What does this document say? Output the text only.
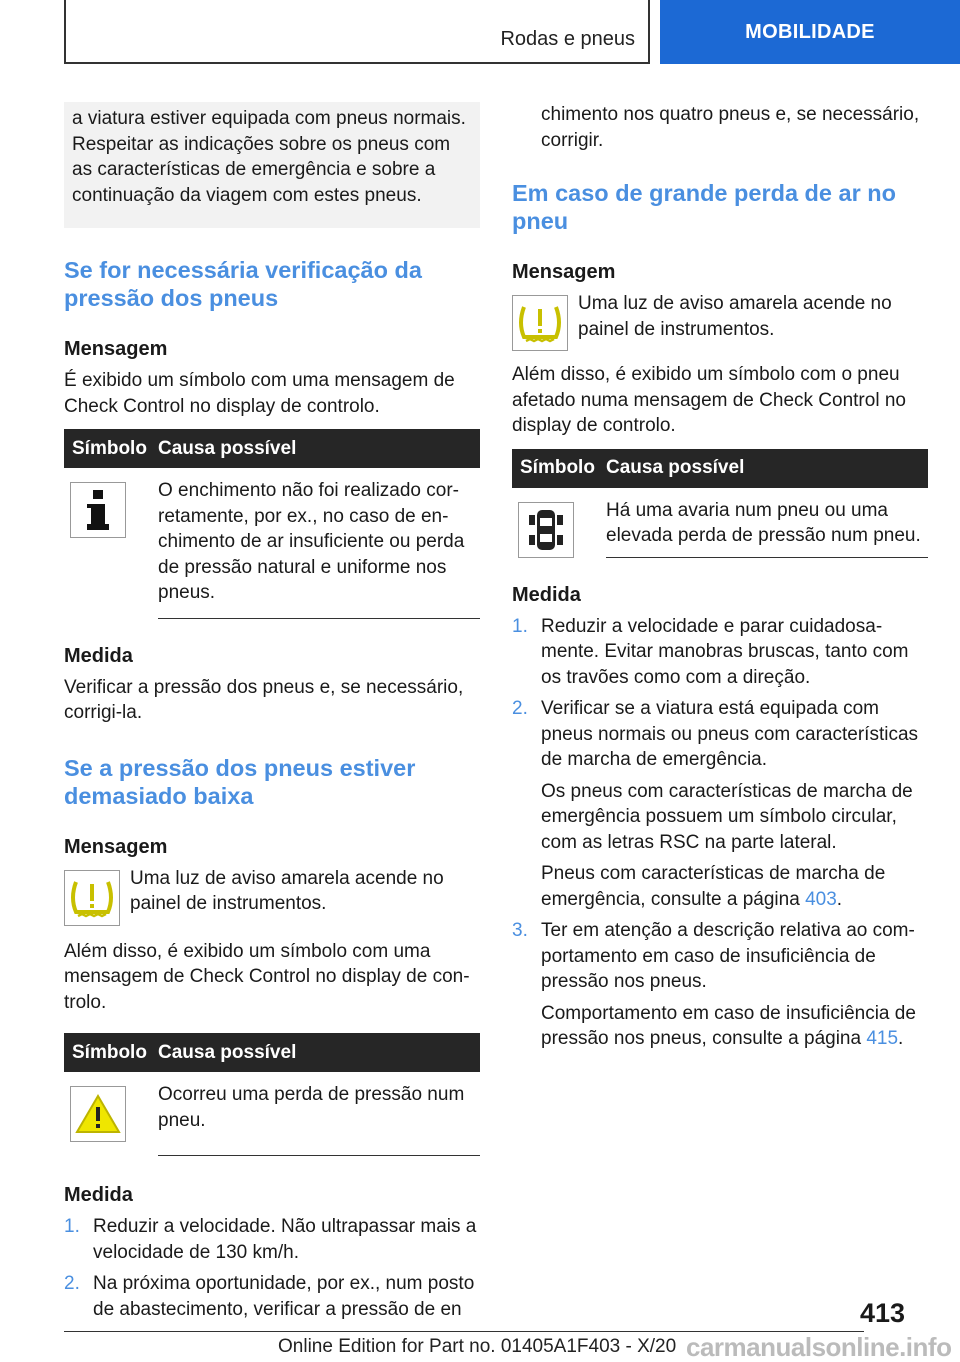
Rodas e pneus	MOBILIDADE

a viatura estiver equipada com pneus normais. Respeitar as indicações sobre os pneus com as características de emergência e sobre a continuação da viagem com estes pneus.

Se for necessária verificação da pressão dos pneus
Mensagem

É exibido um símbolo com uma mensagem de Check Control no display de controlo.

Símbolo Causa possível

O enchimento não foi realizado corretamente, por ex., no caso de enchimento de ar insuficiente ou perda de pressão natural e uniforme nos pneus.

Medida

Verificar a pressão dos pneus e, se necessário, corrigi-la.

Se a pressão dos pneus estiver demasiado baixa
Mensagem

Uma luz de aviso amarela acende no painel de instrumentos.

Além disso, é exibido um símbolo com uma mensagem de Check Control no display de controlo.

Símbolo Causa possível

Ocorreu uma perda de pressão num pneu.

Medida
1. Reduzir a velocidade. Não ultrapassar mais a velocidade de 130 km/h.
2. Na próxima oportunidade, por ex., num posto de abastecimento, verificar a pressão de en

chimento nos quatro pneus e, se necessário, corrigir.

Em caso de grande perda de ar no pneu
Mensagem

Uma luz de aviso amarela acende no painel de instrumentos.

Além disso, é exibido um símbolo com o pneu afetado numa mensagem de Check Control no display de controlo.

Símbolo Causa possível

Há uma avaria num pneu ou uma elevada perda de pressão num pneu.

Medida
1. Reduzir a velocidade e parar cuidadosamente. Evitar manobras bruscas, tanto com os travões como com a direção.
2. Verificar se a viatura está equipada com pneus normais ou pneus com características de marcha de emergência.

Os pneus com características de marcha de emergência possuem um símbolo circular, com as letras RSC na parte lateral.

Pneus com características de marcha de emergência, consulte a página 403.

3. Ter em atenção a descrição relativa ao comportamento em caso de insuficiência de pressão nos pneus.

Comportamento em caso de insuficiência de pressão nos pneus, consulte a página 415.

413
Online Edition for Part no. 01405A1F403 - X/20 carmanualsonline.info
